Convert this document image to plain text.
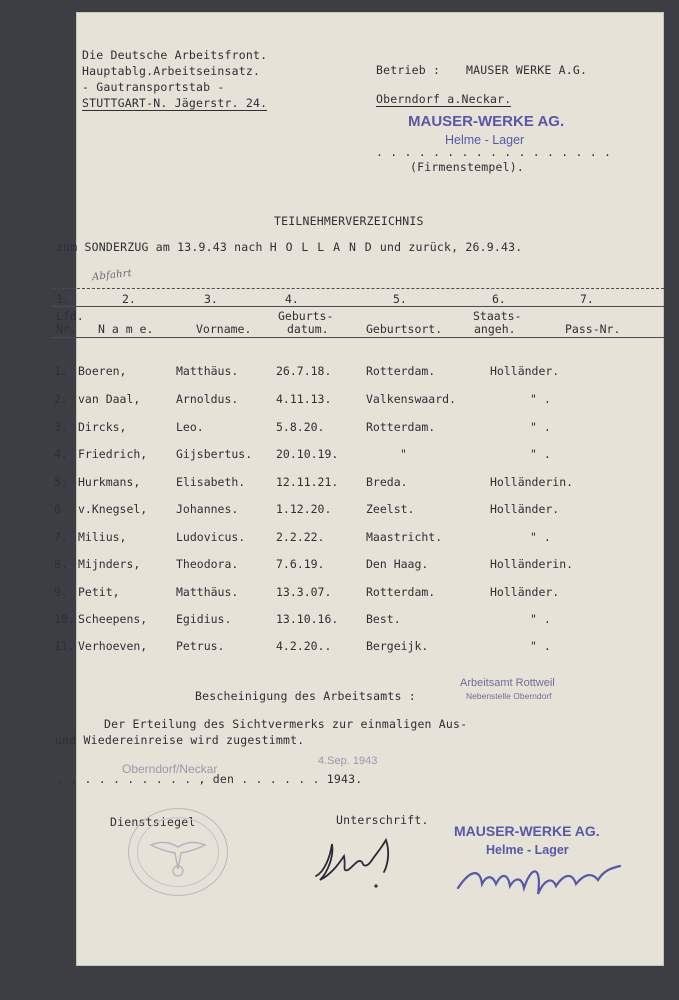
Die Deutsche Arbeitsfront.
Hauptablg.Arbeitseinsatz.
- Gautransportstab -
STUTTGART-N. Jägerstr. 24.
Betrieb : MAUSER WERKE A.G.
Oberndorf a.Neckar.
MAUSER-WERKE AG.
Helme - Lager
. . . . . . . . . . . . . . . . .
(Firmenstempel).
TEILNEHMERVERZEICHNIS
zum SONDERZUG am 13.9.43 nach H O L L A N D und zurück, 26.9.43.
Abfahrt
1.	2.	3.	4.	5.	6.	7.
Lfd.
Nr. N a m e.	Vorname.
Geburts-
datum.	Geburtsort.
Staats-
angeh.	Pass-Nr.
1. Boeren,	Matthäus.	26.7.18.	Rotterdam.	Holländer.
2. van Daal,	Arnoldus.	4.11.13.	Valkenswaard.	" .
3. Dircks,	Leo.	5.8.20.	Rotterdam.	" .
4. Friedrich,	Gijsbertus. 20.10.19.	"	" .
5. Hurkmans,	Elisabeth.	12.11.21. Breda.	Holländerin.
6. v.Knegsel,	Johannes.	1.12.20.	Zeelst.	Holländer.
7. Milius,	Ludovicus.	2.2.22.	Maastricht.	" .
8. Mijnders,	Theodora.	7.6.19.	Den Haag.	Holländerin.
9. Petit,	Matthäus.	13.3.07.	Rotterdam.	Holländer.
10. Scheepens,	Egidius.	13.10.16. Best.	" .
11. Verhoeven,	Petrus.	4.2.20..	Bergeijk.	" .
Bescheinigung des Arbeitsamts :
Arbeitsamt Rottweil
Nebenstelle Oberndorf
Der Erteilung des Sichtvermerks zur einmaligen Aus-
und Wiedereinreise wird zugestimmt.
Oberndorf/Neckar
4.Sep. 1943
. . . . . . . . . . , den . . . . . . 1943.
Dienstsiegel	Unterschrift.
MAUSER-WERKE AG.
Helme - Lager
